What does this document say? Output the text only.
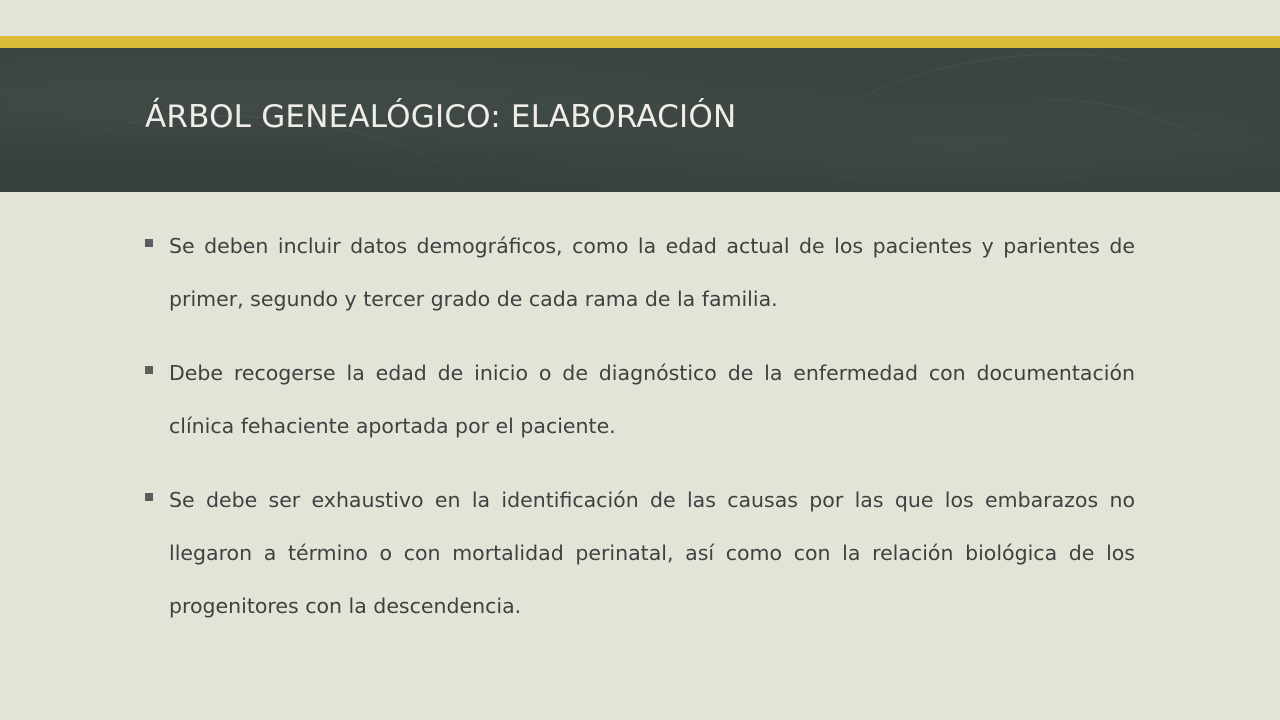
ÁRBOL GENEALÓGICO: ELABORACIÓN
Se deben incluir datos demográficos, como la edad actual de los pacientes y parientes de primer, segundo y tercer grado de cada rama de la familia.
Debe recogerse la edad de inicio o de diagnóstico de la enfermedad con documentación clínica fehaciente aportada por el paciente.
Se debe ser exhaustivo en la identificación de las causas por las que los embarazos no llegaron a término o con mortalidad perinatal, así como con la relación biológica de los progenitores con la descendencia.
